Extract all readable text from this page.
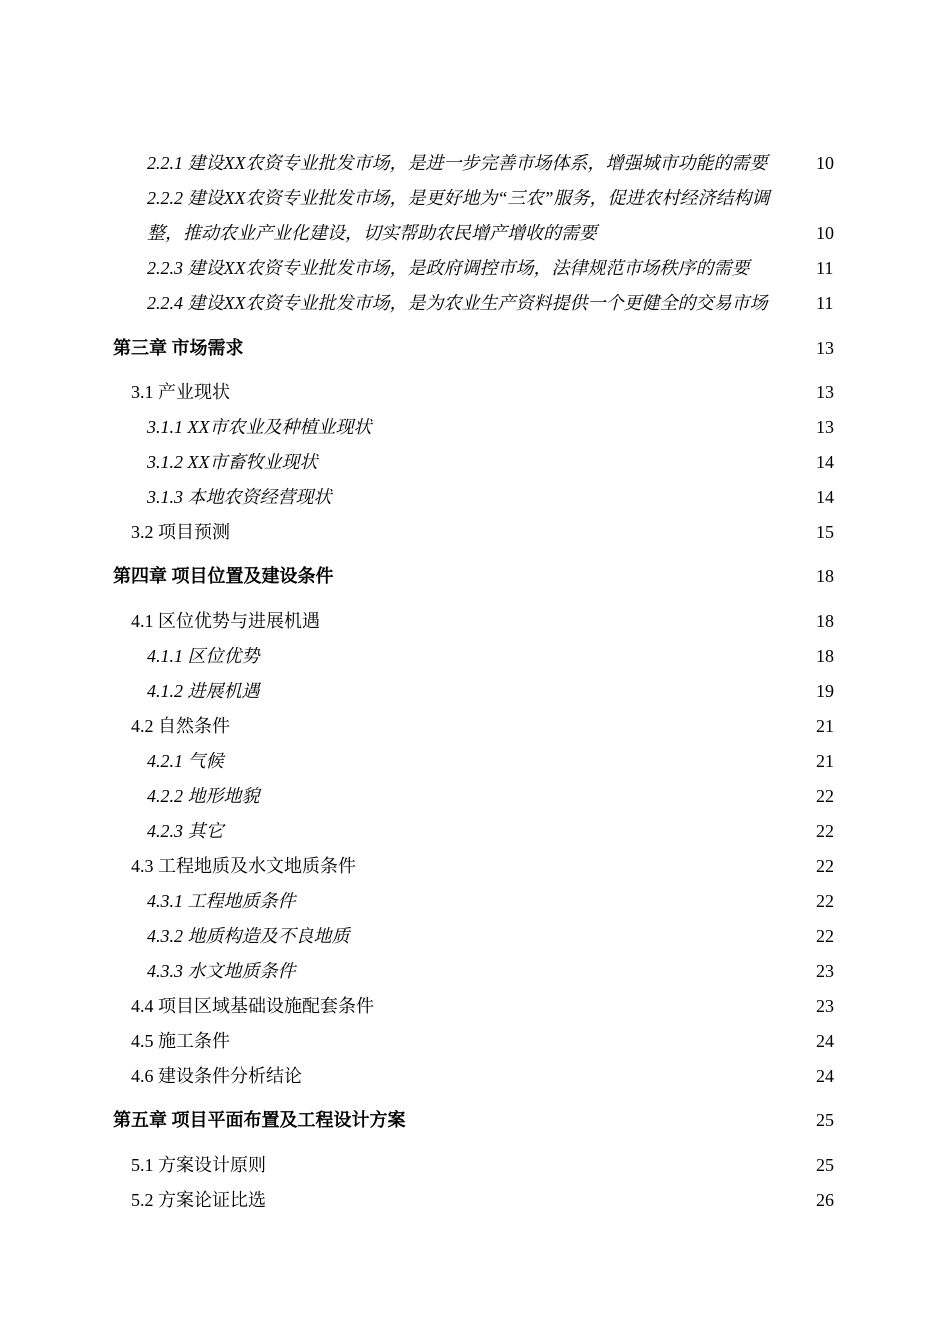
2.2.1 建设XX农资专业批发市场，是进一步完善市场体系，增强城市功能的需要	10
2.2.2 建设XX农资专业批发市场，是更好地为“三农”服务，促进农村经济结构调
整，推动农业产业化建设，切实帮助农民增产增收的需要	10
2.2.3 建设XX农资专业批发市场，是政府调控市场，法律规范市场秩序的需要	11
2.2.4 建设XX农资专业批发市场，是为农业生产资料提供一个更健全的交易市场	11
第三章 市场需求	13
3.1 产业现状	13
3.1.1 XX市农业及种植业现状	13
3.1.2 XX市畜牧业现状	14
3.1.3 本地农资经营现状	14
3.2 项目预测	15
第四章 项目位置及建设条件	18
4.1 区位优势与进展机遇	18
4.1.1 区位优势	18
4.1.2 进展机遇	19
4.2 自然条件	21
4.2.1 气候	21
4.2.2 地形地貌	22
4.2.3 其它	22
4.3 工程地质及水文地质条件	22
4.3.1 工程地质条件	22
4.3.2 地质构造及不良地质	22
4.3.3 水文地质条件	23
4.4 项目区域基础设施配套条件	23
4.5 施工条件	24
4.6 建设条件分析结论	24
第五章 项目平面布置及工程设计方案	25
5.1 方案设计原则	25
5.2 方案论证比选	26
